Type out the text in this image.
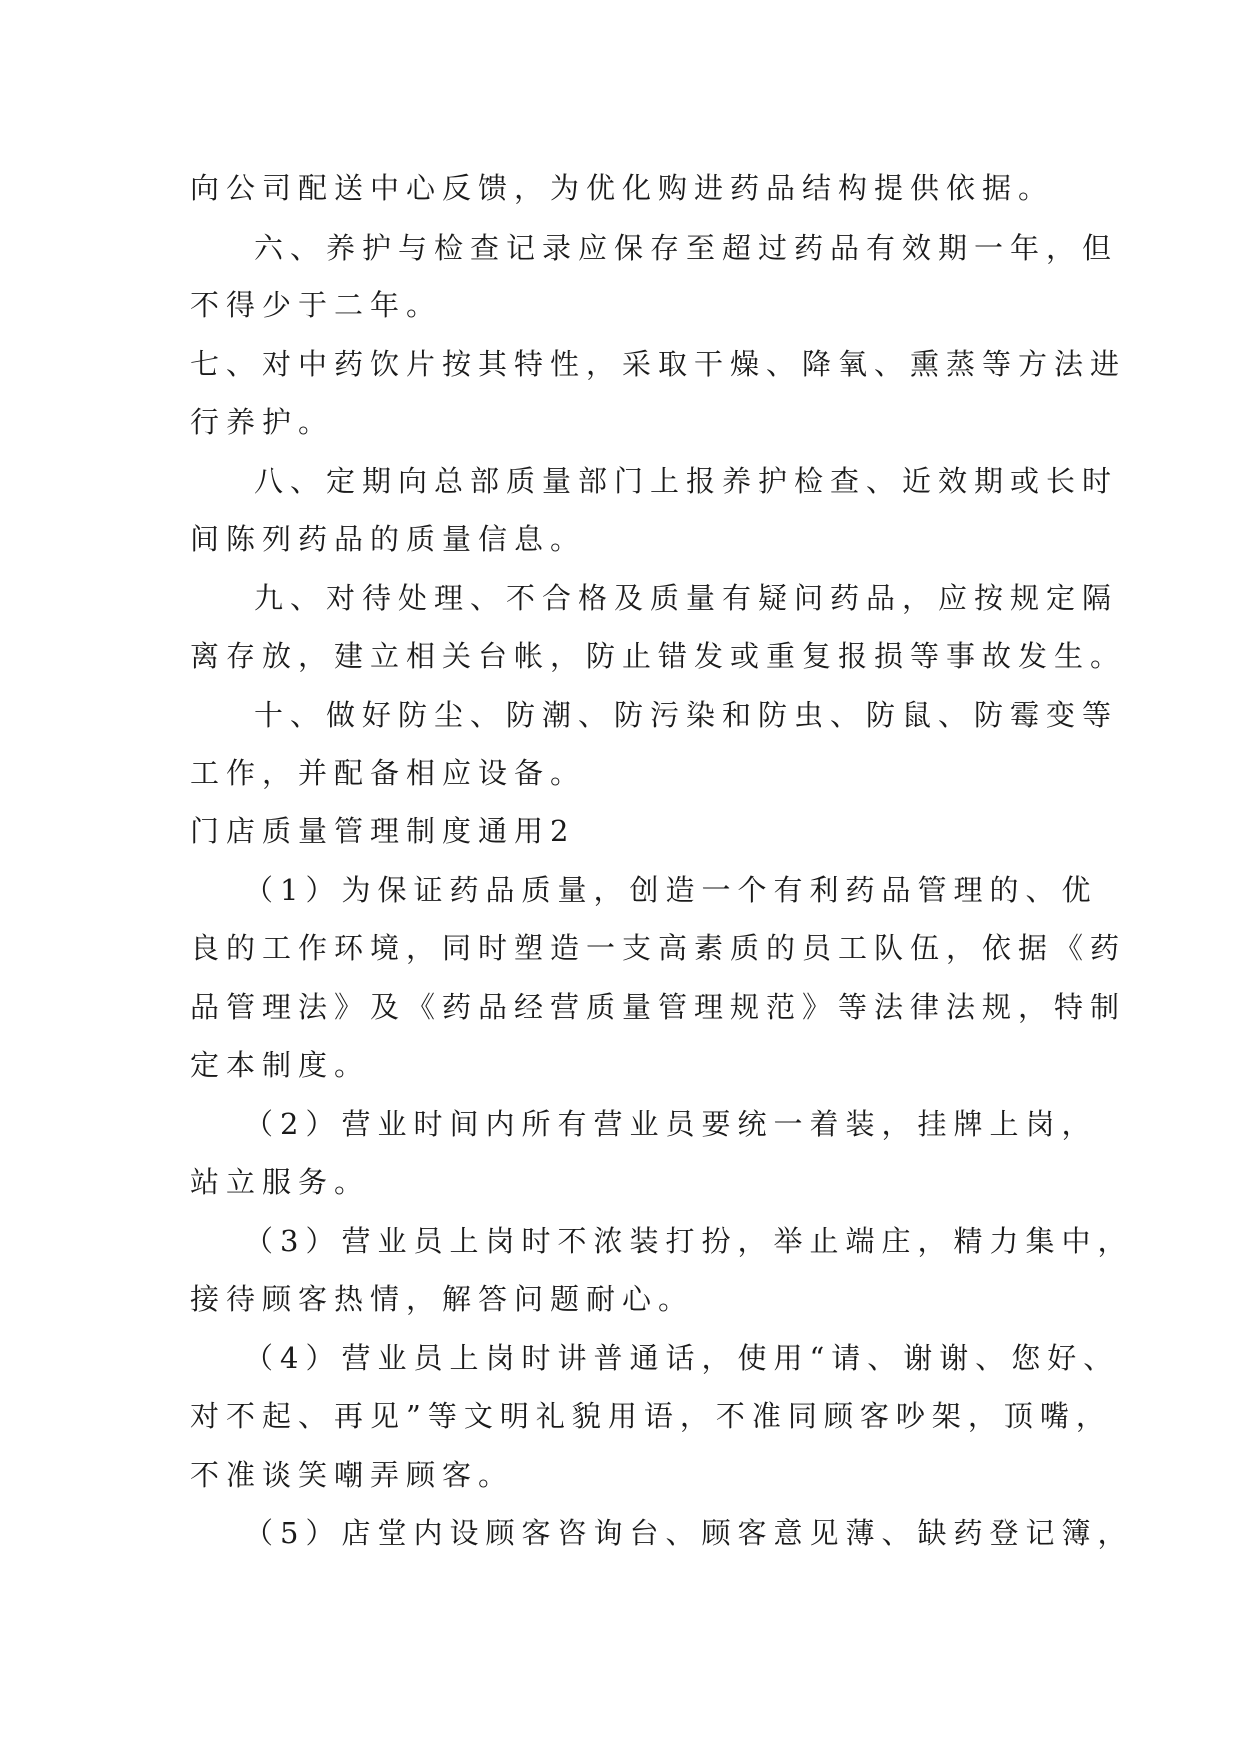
向公司配送中心反馈，为优化购进药品结构提供依据。
六、养护与检查记录应保存至超过药品有效期一年，但
不得少于二年。
七、对中药饮片按其特性，采取干燥、降氧、熏蒸等方法进
行养护。
八、定期向总部质量部门上报养护检查、近效期或长时
间陈列药品的质量信息。
九、对待处理、不合格及质量有疑问药品，应按规定隔
离存放，建立相关台帐，防止错发或重复报损等事故发生。
十、做好防尘、防潮、防污染和防虫、防鼠、防霉变等
工作，并配备相应设备。
门店质量管理制度通用2
（1）为保证药品质量，创造一个有利药品管理的、优
良的工作环境，同时塑造一支高素质的员工队伍，依据《药
品管理法》及《药品经营质量管理规范》等法律法规，特制
定本制度。
（2）营业时间内所有营业员要统一着装，挂牌上岗，
站立服务。
（3）营业员上岗时不浓装打扮，举止端庄，精力集中，
接待顾客热情，解答问题耐心。
（4）营业员上岗时讲普通话，使用“请、谢谢、您好、
对不起、再见”等文明礼貌用语，不准同顾客吵架，顶嘴，
不准谈笑嘲弄顾客。
（5）店堂内设顾客咨询台、顾客意见薄、缺药登记簿，
